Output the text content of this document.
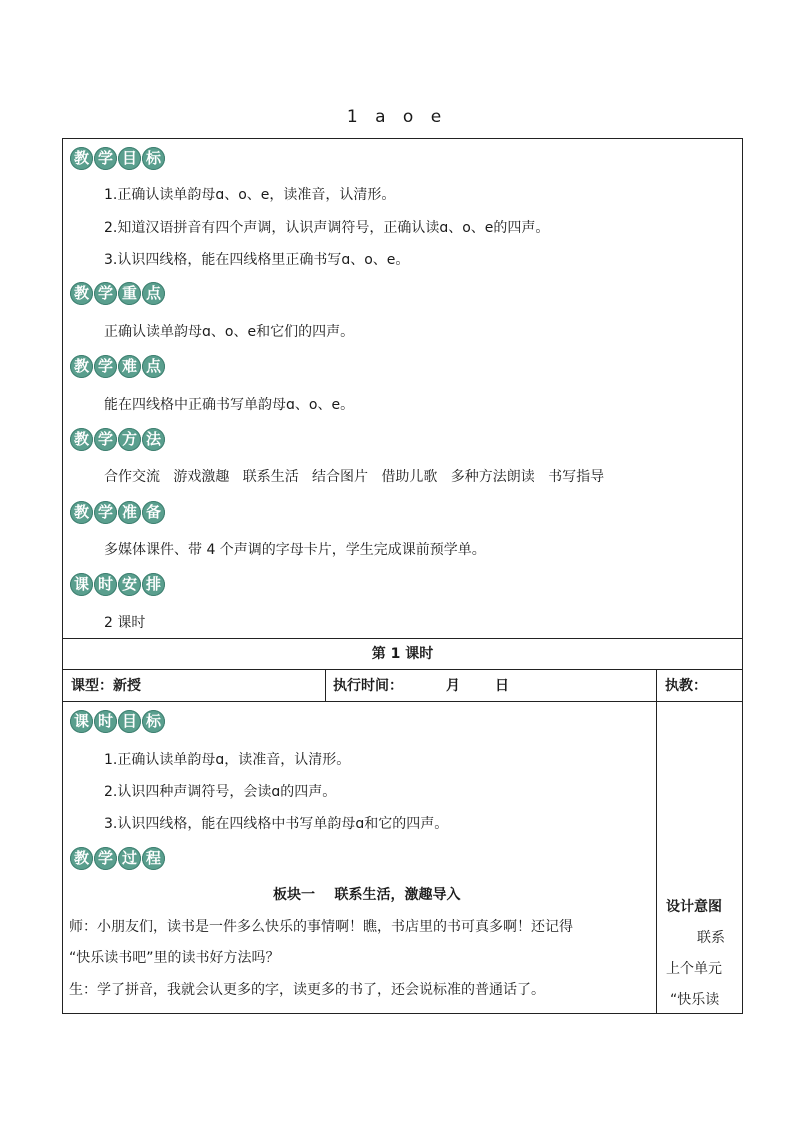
1 a o e
教 学 目 标
1.正确认读单韵母ɑ、o、e，读准音，认清形。
2.知道汉语拼音有四个声调，认识声调符号，正确认读ɑ、o、e的四声。
3.认识四线格，能在四线格里正确书写ɑ、o、e。
教 学 重 点
正确认读单韵母ɑ、o、e和它们的四声。
教 学 难 点
能在四线格中正确书写单韵母ɑ、o、e。
教 学 方 法
合作交流   游戏激趣   联系生活   结合图片   借助儿歌   多种方法朗读   书写指导
教 学 准 备
多媒体课件、带 4 个声调的字母卡片，学生完成课前预学单。
课 时 安 排
2 课时
第 1 课时
课型：新授	执行时间：	月	日	执教：
课 时 目 标
1.正确认读单韵母ɑ，读准音，认清形。
2.认识四种声调符号，会读ɑ的四声。
3.认识四线格，能在四线格中书写单韵母ɑ和它的四声。
教 学 过 程
板块一    联系生活，激趣导入
师：小朋友们，读书是一件多么快乐的事情啊！瞧，书店里的书可真多啊！还记得
“快乐读书吧”里的读书好方法吗？
生：学了拼音，我就会认更多的字，读更多的书了，还会说标准的普通话了。
设计意图
联系
上个单元
“快乐读
